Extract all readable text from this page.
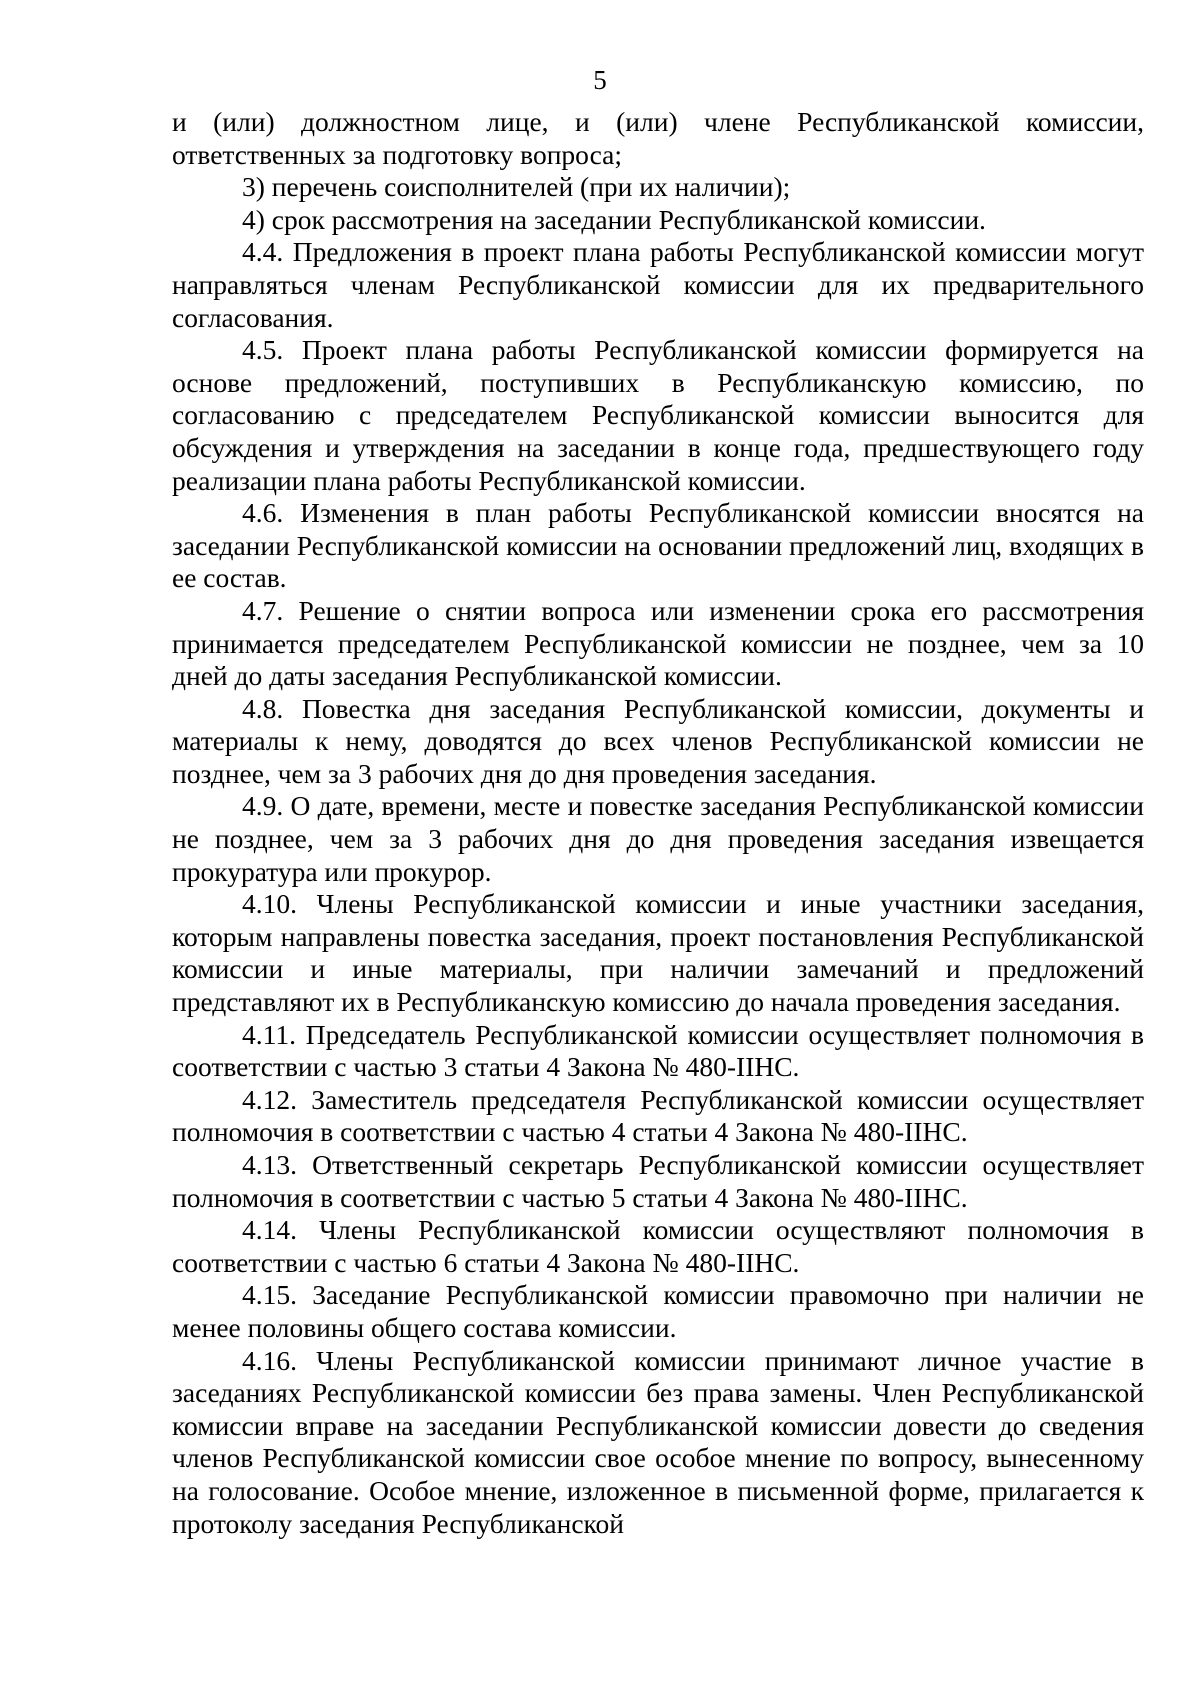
5

и (или) должностном лице, и (или) члене Республиканской комиссии, ответственных за подготовку вопроса;

3) перечень соисполнителей (при их наличии);

4) срок рассмотрения на заседании Республиканской комиссии.

4.4. Предложения в проект плана работы Республиканской комиссии могут направляться членам Республиканской комиссии для их предварительного согласования.

4.5. Проект плана работы Республиканской комиссии формируется на основе предложений, поступивших в Республиканскую комиссию, по согласованию с председателем Республиканской комиссии выносится для обсуждения и утверждения на заседании в конце года, предшествующего году реализации плана работы Республиканской комиссии.

4.6. Изменения в план работы Республиканской комиссии вносятся на заседании Республиканской комиссии на основании предложений лиц, входящих в ее состав.

4.7. Решение о снятии вопроса или изменении срока его рассмотрения принимается председателем Республиканской комиссии не позднее, чем за 10 дней до даты заседания Республиканской комиссии.

4.8. Повестка дня заседания Республиканской комиссии, документы и материалы к нему, доводятся до всех членов Республиканской комиссии не позднее, чем за 3 рабочих дня до дня проведения заседания.

4.9. О дате, времени, месте и повестке заседания Республиканской комиссии не позднее, чем за 3 рабочих дня до дня проведения заседания извещается прокуратура или прокурор.

4.10. Члены Республиканской комиссии и иные участники заседания, которым направлены повестка заседания, проект постановления Республиканской комиссии и иные материалы, при наличии замечаний и предложений представляют их в Республиканскую комиссию до начала проведения заседания.

4.11. Председатель Республиканской комиссии осуществляет полномочия в соответствии с частью 3 статьи 4 Закона № 480-IIНС.

4.12. Заместитель председателя Республиканской комиссии осуществляет полномочия в соответствии с частью 4 статьи 4 Закона № 480-IIНС.

4.13. Ответственный секретарь Республиканской комиссии осуществляет полномочия в соответствии с частью 5 статьи 4 Закона № 480-IIНС.

4.14. Члены Республиканской комиссии осуществляют полномочия в соответствии с частью 6 статьи 4 Закона № 480-IIНС.

4.15. Заседание Республиканской комиссии правомочно при наличии не менее половины общего состава комиссии.

4.16. Члены Республиканской комиссии принимают личное участие в заседаниях Республиканской комиссии без права замены. Член Республиканской комиссии вправе на заседании Республиканской комиссии довести до сведения членов Республиканской комиссии свое особое мнение по вопросу, вынесенному на голосование. Особое мнение, изложенное в письменной форме, прилагается к протоколу заседания Республиканской
